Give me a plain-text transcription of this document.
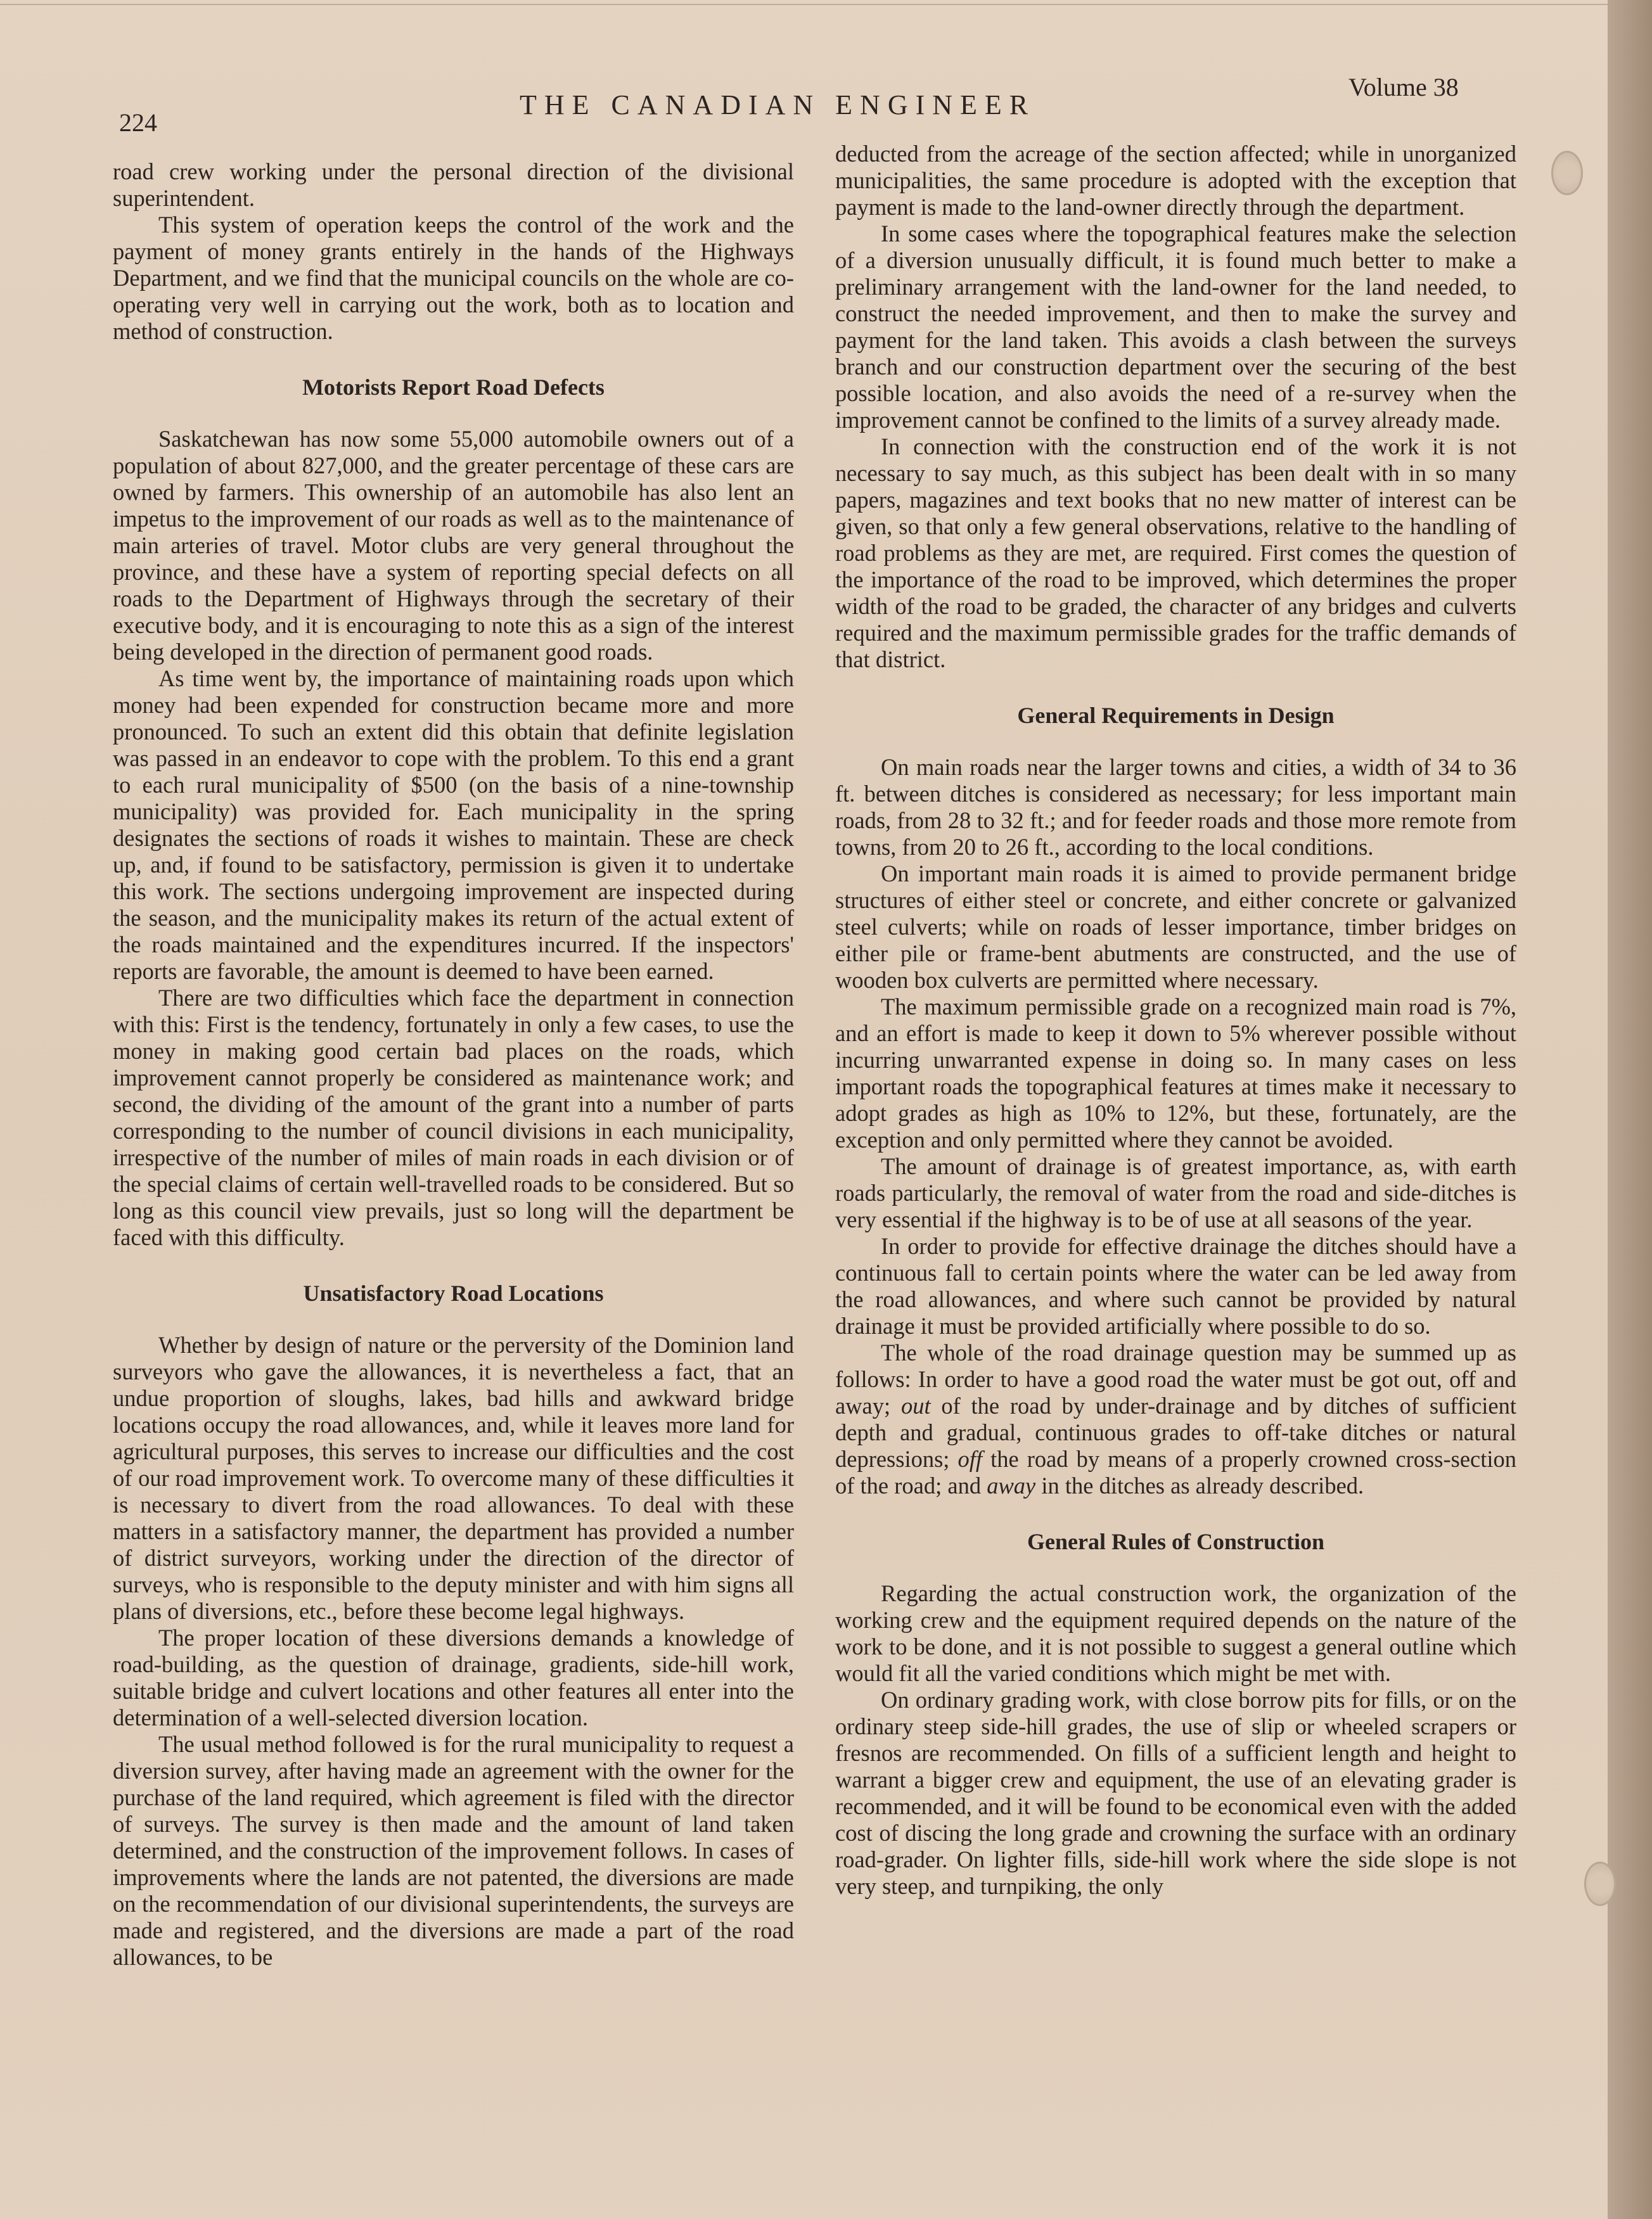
224
THE CANADIAN ENGINEER
Volume 38

road crew working under the personal direction of the divisional superintendent.

This system of operation keeps the control of the work and the payment of money grants entirely in the hands of the Highways Department, and we find that the municipal councils on the whole are co-operating very well in carrying out the work, both as to location and method of construction.

Motorists Report Road Defects

Saskatchewan has now some 55,000 automobile owners out of a population of about 827,000, and the greater percentage of these cars are owned by farmers. This ownership of an automobile has also lent an impetus to the improvement of our roads as well as to the maintenance of main arteries of travel. Motor clubs are very general throughout the province, and these have a system of reporting special defects on all roads to the Department of Highways through the secretary of their executive body, and it is encouraging to note this as a sign of the interest being developed in the direction of permanent good roads.

As time went by, the importance of maintaining roads upon which money had been expended for construction became more and more pronounced. To such an extent did this obtain that definite legislation was passed in an endeavor to cope with the problem. To this end a grant to each rural municipality of $500 (on the basis of a nine-township municipality) was provided for. Each municipality in the spring designates the sections of roads it wishes to maintain. These are check up, and, if found to be satisfactory, permission is given it to undertake this work. The sections undergoing improvement are inspected during the season, and the municipality makes its return of the actual extent of the roads maintained and the expenditures incurred. If the inspectors' reports are favorable, the amount is deemed to have been earned.

There are two difficulties which face the department in connection with this: First is the tendency, fortunately in only a few cases, to use the money in making good certain bad places on the roads, which improvement cannot properly be considered as maintenance work; and second, the dividing of the amount of the grant into a number of parts corresponding to the number of council divisions in each municipality, irrespective of the number of miles of main roads in each division or of the special claims of certain well-travelled roads to be considered. But so long as this council view prevails, just so long will the department be faced with this difficulty.

Unsatisfactory Road Locations

Whether by design of nature or the perversity of the Dominion land surveyors who gave the allowances, it is nevertheless a fact, that an undue proportion of sloughs, lakes, bad hills and awkward bridge locations occupy the road allowances, and, while it leaves more land for agricultural purposes, this serves to increase our difficulties and the cost of our road improvement work. To overcome many of these difficulties it is necessary to divert from the road allowances. To deal with these matters in a satisfactory manner, the department has provided a number of district surveyors, working under the direction of the director of surveys, who is responsible to the deputy minister and with him signs all plans of diversions, etc., before these become legal highways.

The proper location of these diversions demands a knowledge of road-building, as the question of drainage, gradients, side-hill work, suitable bridge and culvert locations and other features all enter into the determination of a well-selected diversion location.

The usual method followed is for the rural municipality to request a diversion survey, after having made an agreement with the owner for the purchase of the land required, which agreement is filed with the director of surveys. The survey is then made and the amount of land taken determined, and the construction of the improvement follows. In cases of improvements where the lands are not patented, the diversions are made on the recommendation of our divisional superintendents, the surveys are made and registered, and the diversions are made a part of the road allowances, to be

deducted from the acreage of the section affected; while in unorganized municipalities, the same procedure is adopted with the exception that payment is made to the land-owner directly through the department.

In some cases where the topographical features make the selection of a diversion unusually difficult, it is found much better to make a preliminary arrangement with the land-owner for the land needed, to construct the needed improvement, and then to make the survey and payment for the land taken. This avoids a clash between the surveys branch and our construction department over the securing of the best possible location, and also avoids the need of a re-survey when the improvement cannot be confined to the limits of a survey already made.

In connection with the construction end of the work it is not necessary to say much, as this subject has been dealt with in so many papers, magazines and text books that no new matter of interest can be given, so that only a few general observations, relative to the handling of road problems as they are met, are required. First comes the question of the importance of the road to be improved, which determines the proper width of the road to be graded, the character of any bridges and culverts required and the maximum permissible grades for the traffic demands of that district.

General Requirements in Design

On main roads near the larger towns and cities, a width of 34 to 36 ft. between ditches is considered as necessary; for less important main roads, from 28 to 32 ft.; and for feeder roads and those more remote from towns, from 20 to 26 ft., according to the local conditions.

On important main roads it is aimed to provide permanent bridge structures of either steel or concrete, and either concrete or galvanized steel culverts; while on roads of lesser importance, timber bridges on either pile or frame-bent abutments are constructed, and the use of wooden box culverts are permitted where necessary.

The maximum permissible grade on a recognized main road is 7%, and an effort is made to keep it down to 5% wherever possible without incurring unwarranted expense in doing so. In many cases on less important roads the topographical features at times make it necessary to adopt grades as high as 10% to 12%, but these, fortunately, are the exception and only permitted where they cannot be avoided.

The amount of drainage is of greatest importance, as, with earth roads particularly, the removal of water from the road and side-ditches is very essential if the highway is to be of use at all seasons of the year.

In order to provide for effective drainage the ditches should have a continuous fall to certain points where the water can be led away from the road allowances, and where such cannot be provided by natural drainage it must be provided artificially where possible to do so.

The whole of the road drainage question may be summed up as follows: In order to have a good road the water must be got out, off and away; out of the road by under-drainage and by ditches of sufficient depth and gradual, continuous grades to off-take ditches or natural depressions; off the road by means of a properly crowned cross-section of the road; and away in the ditches as already described.

General Rules of Construction

Regarding the actual construction work, the organization of the working crew and the equipment required depends on the nature of the work to be done, and it is not possible to suggest a general outline which would fit all the varied conditions which might be met with.

On ordinary grading work, with close borrow pits for fills, or on the ordinary steep side-hill grades, the use of slip or wheeled scrapers or fresnos are recommended. On fills of a sufficient length and height to warrant a bigger crew and equipment, the use of an elevating grader is recommended, and it will be found to be economical even with the added cost of discing the long grade and crowning the surface with an ordinary road-grader. On lighter fills, side-hill work where the side slope is not very steep, and turnpiking, the only
